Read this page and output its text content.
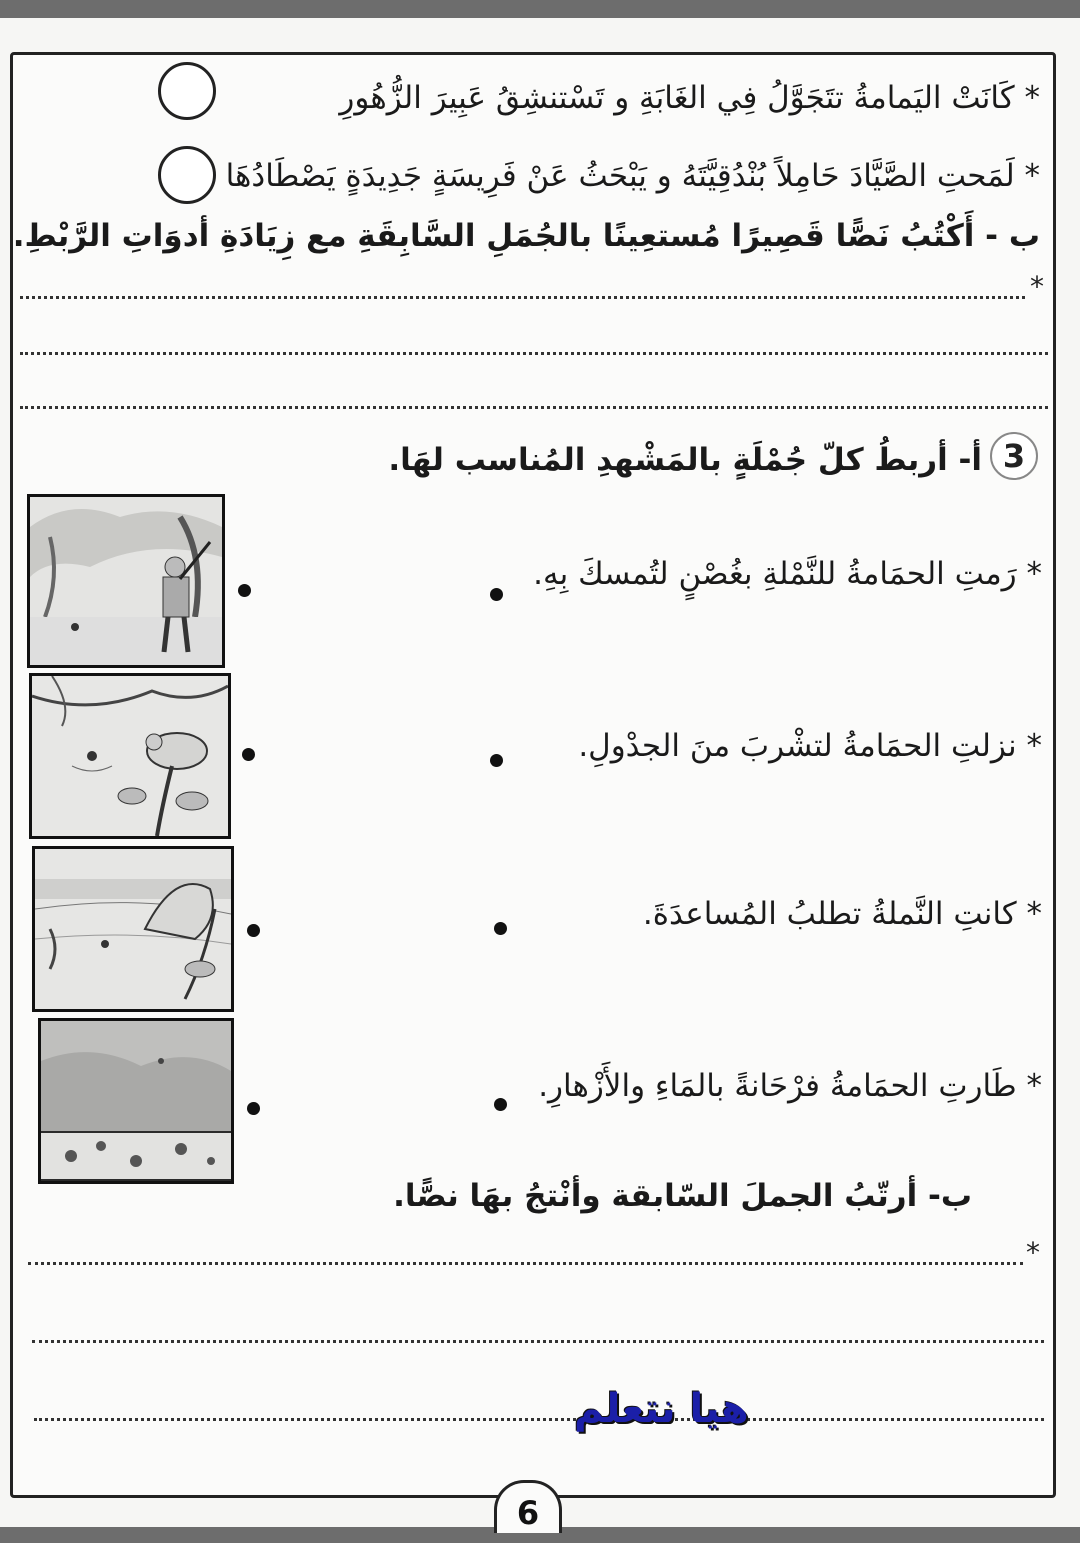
* كَانَتْ اليَمامةُ تتَجَوَّلُ فِي الغَابَةِ و تَسْتنشِقُ عَبِيرَ الزُّهُورِ
* لَمَحتِ الصَّيَّادَ حَامِلاً بُنْدُقِيَّتَهُ و يَبْحَثُ عَنْ فَرِيسَةٍ جَدِيدَةٍ يَصْطَادُهَا
ب - أَكْتُبُ نَصًّا قَصِيرًا مُستعِينًا بالجُمَلِ السَّابِقَةِ مع زِيَادَةِ أدوَاتِ الرَّبْطِ.
*
3
أ- أربطُ كلّ جُمْلَةٍ بالمَشْهدِ المُناسب لهَا.
* رَمتِ الحمَامةُ للنَّمْلةِ بغُصْنٍ لتُمسكَ بِهِ.
* نزلتِ الحمَامةُ لتشْربَ منَ الجدْولِ.
* كانتِ النَّملةُ تطلبُ المُساعدَةَ.
* طَارتِ الحمَامةُ فرْحَانةً بالمَاءِ والأَزْهارِ.
ب- أرتّبُ الجملَ السّابقة وأنْتجُ بهَا نصًّا.
*
هيا نتعلم
6
